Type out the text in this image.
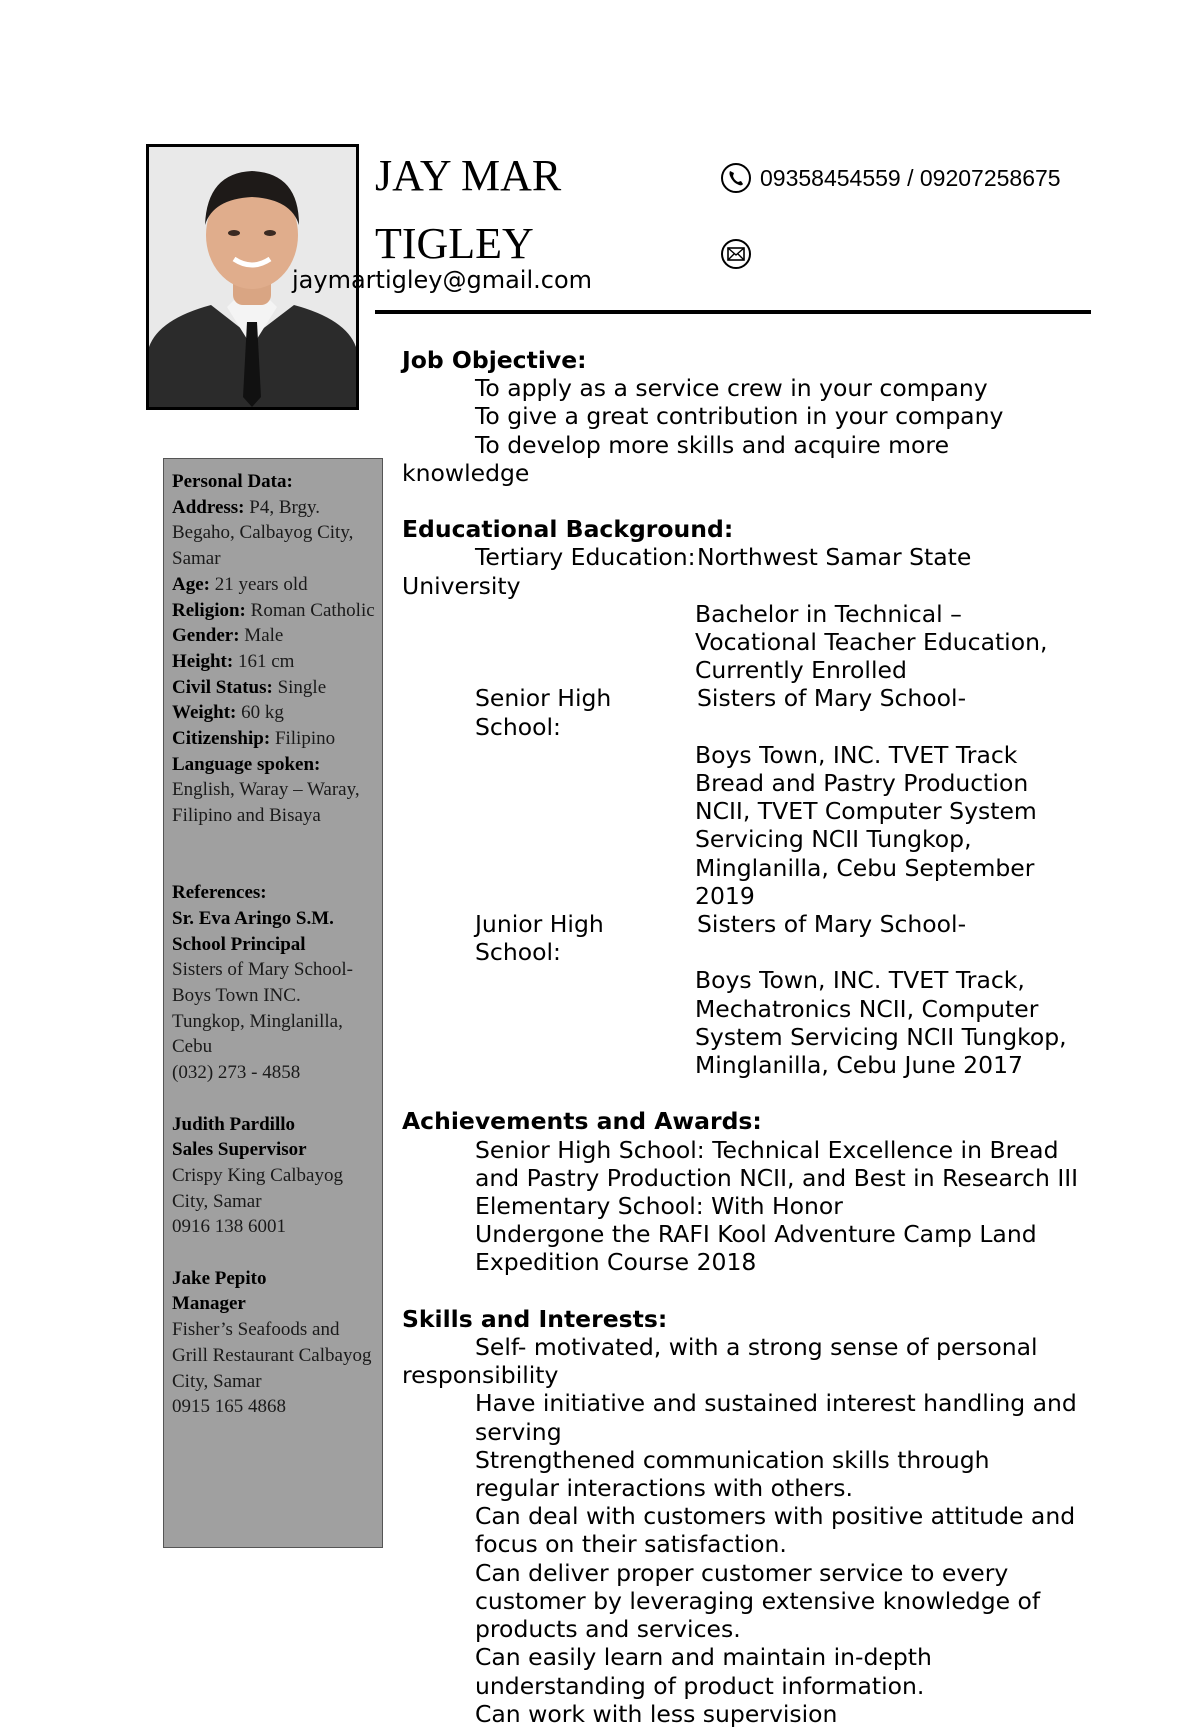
JAY MAR
TIGLEY
jaymartigley@gmail.com
09358454559 / 09207258675

Personal Data:

Address: P4, Brgy. Begaho, Calbayog City, Samar

Age: 21 years old

Religion: Roman Catholic

Gender: Male

Height: 161 cm

Civil Status: Single

Weight: 60 kg

Citizenship: Filipino

Language spoken: English, Waray – Waray, Filipino and Bisaya

References:

Sr. Eva Aringo S.M.

School Principal

Sisters of Mary School- Boys Town INC. Tungkop, Minglanilla, Cebu

(032) 273 - 4858

Judith Pardillo

Sales Supervisor

Crispy King Calbayog City, Samar

0916 138 6001

Jake Pepito

Manager

Fisher’s Seafoods and Grill Restaurant Calbayog City, Samar

0915 165 4868

Job Objective:

To apply as a service crew in your company

To give a great contribution in your company

To develop more skills and acquire more

knowledge

Educational Background:

Tertiary Education: Northwest Samar State

University

Bachelor in Technical – Vocational Teacher Education, Currently Enrolled

Senior High School:
Sisters of Mary School-

Boys Town, INC. TVET Track Bread and Pastry Production NCII, TVET Computer System Servicing NCII Tungkop, Minglanilla, Cebu September 2019

Junior High School:
Sisters of Mary School-

Boys Town, INC. TVET Track, Mechatronics NCII, Computer System Servicing NCII Tungkop, Minglanilla, Cebu June 2017

Achievements and Awards:

Senior High School: Technical Excellence in Bread and Pastry Production NCII, and Best in Research III

Elementary School: With Honor

Undergone the RAFI Kool Adventure Camp Land Expedition Course 2018

Skills and Interests:

Self- motivated, with a strong sense of personal

responsibility

Have initiative and sustained interest handling and serving

Strengthened communication skills through regular interactions with others.

Can deal with customers with positive attitude and focus on their satisfaction.

Can deliver proper customer service to every customer by leveraging extensive knowledge of products and services.

Can easily learn and maintain in-depth understanding of product information.

Can work with less supervision
